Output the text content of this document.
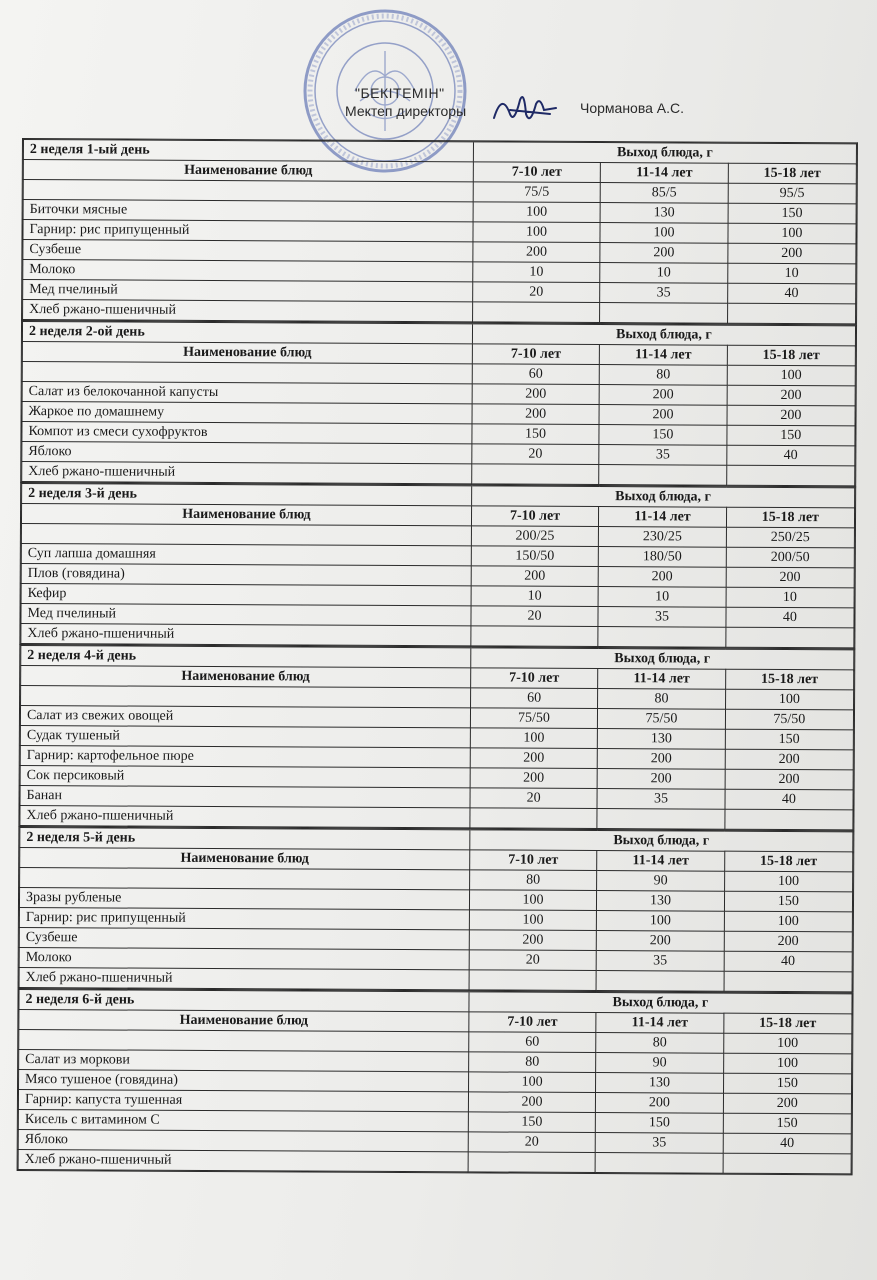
"БЕКІТЕМІН"
Мектеп директоры	Чорманова А.С.
2 неделя 1-ый день	Выход блюда, г		
Наименование блюд			
	7-10 лет	11-14 лет	15-18 лет
	75/5	85/5	95/5
Биточки мясные	100	130	150
Гарнир: рис припущенный	100	100	100
Сузбеше	200	200	200
Молоко	10	10	10
Мед пчелиный	20	35	40
Хлеб ржано-пшеничный			
2 неделя 2-ой день	Выход блюда, г		
Наименование блюд			
	7-10 лет	11-14 лет	15-18 лет
	60	80	100
Салат из белокочанной капусты	200	200	200
Жаркое по домашнему	200	200	200
Компот из смеси сухофруктов	150	150	150
Яблоко	20	35	40
Хлеб ржано-пшеничный			
2 неделя 3-й день	Выход блюда, г		
Наименование блюд			
	7-10 лет	11-14 лет	15-18 лет
	200/25	230/25	250/25
Суп лапша домашняя	150/50	180/50	200/50
Плов (говядина)	200	200	200
Кефир	10	10	10
Мед пчелиный	20	35	40
Хлеб ржано-пшеничный			
2 неделя 4-й день	Выход блюда, г		
Наименование блюд			
	7-10 лет	11-14 лет	15-18 лет
	60	80	100
Салат из свежих овощей	75/50	75/50	75/50
Судак тушеный	100	130	150
Гарнир: картофельное пюре	200	200	200
Сок персиковый	200	200	200
Банан	20	35	40
Хлеб ржано-пшеничный			
2 неделя 5-й день	Выход блюда, г		
Наименование блюд			
	7-10 лет	11-14 лет	15-18 лет
	80	90	100
Зразы рубленые	100	130	150
Гарнир: рис припущенный	100	100	100
Сузбеше	200	200	200
Молоко	20	35	40
Хлеб ржано-пшеничный			
2 неделя 6-й день	Выход блюда, г		
Наименование блюд			
	7-10 лет	11-14 лет	15-18 лет
	60	80	100
Салат из моркови	80	90	100
Мясо тушеное (говядина)	100	130	150
Гарнир: капуста тушенная	200	200	200
Кисель с витамином С	150	150	150
Яблоко	20	35	40
Хлеб ржано-пшеничный			
